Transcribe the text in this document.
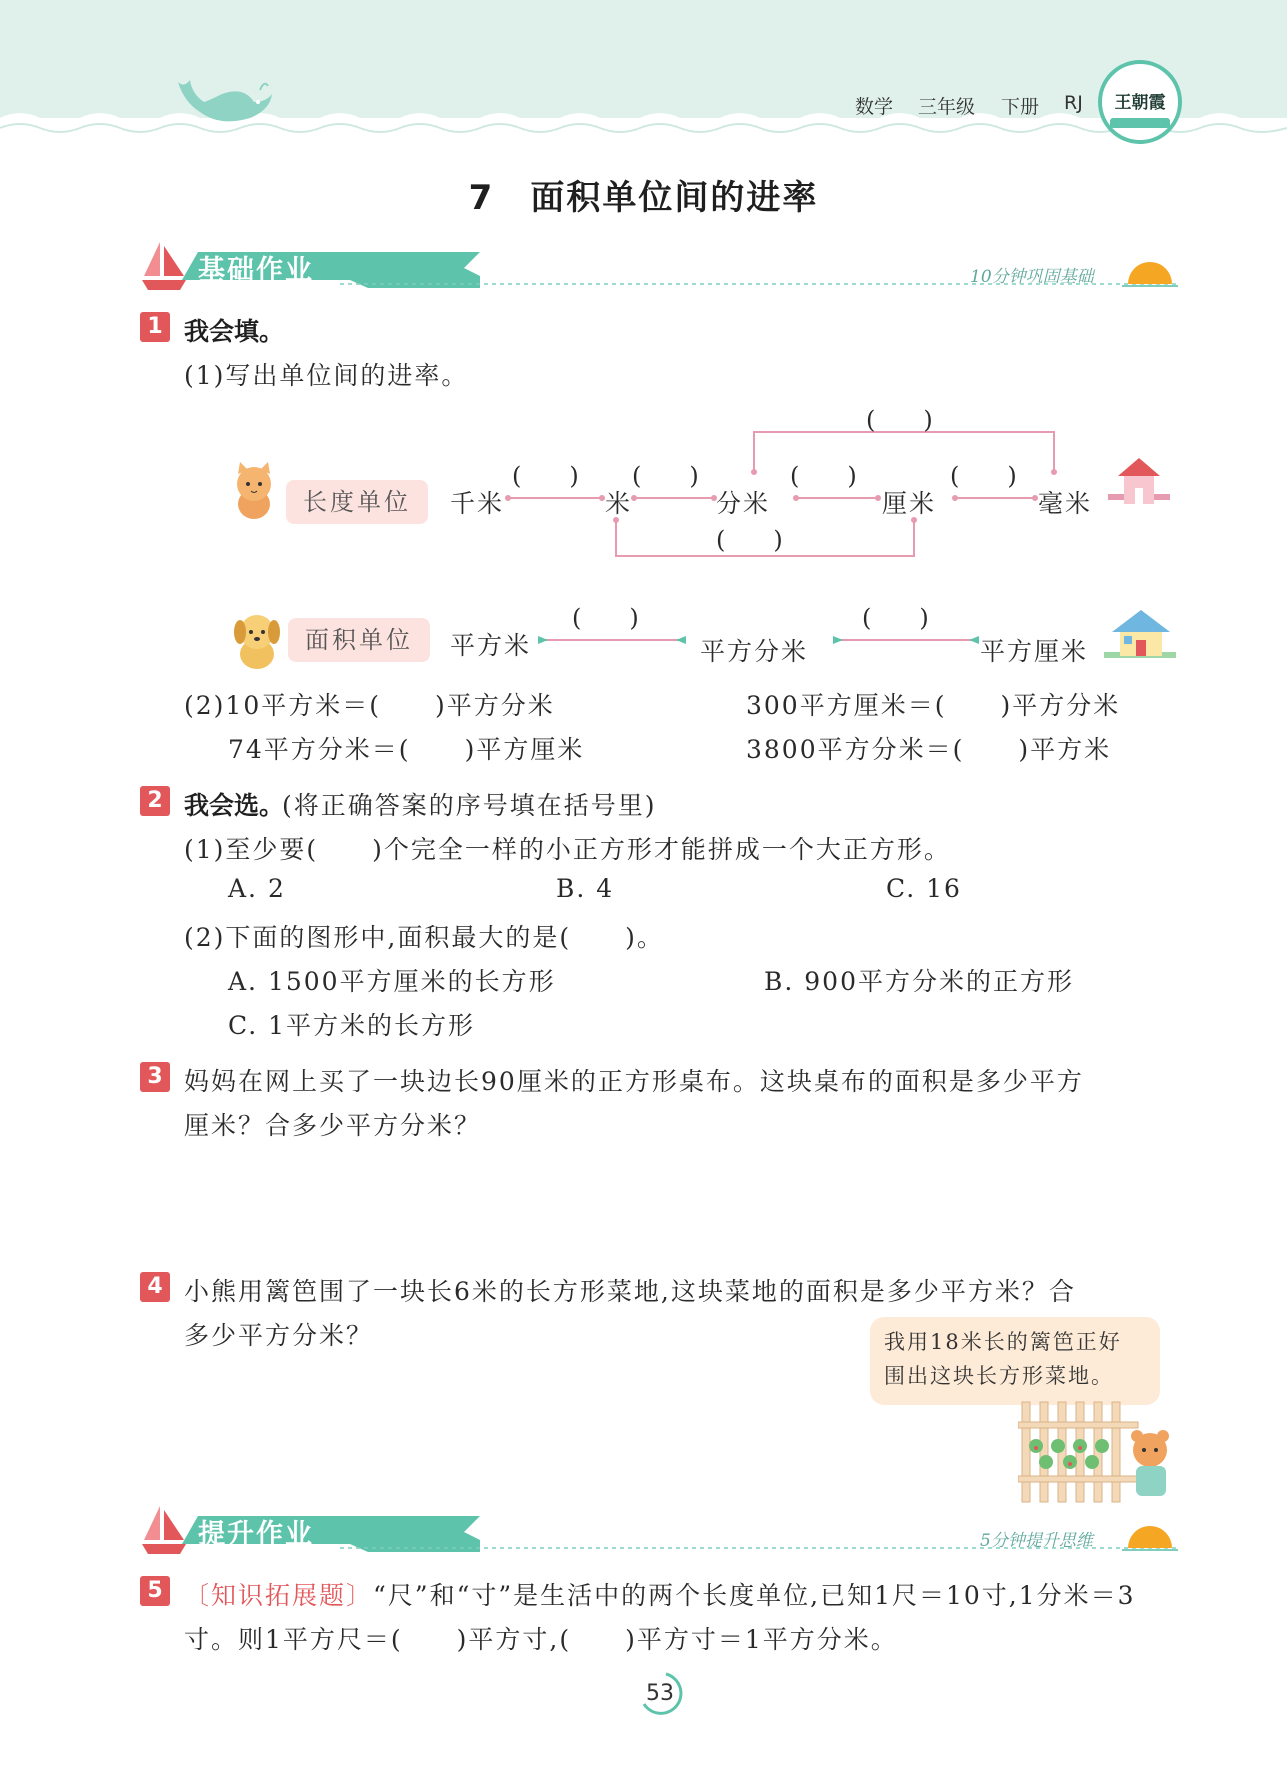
数学 三年级 下册 RJ	王朝霞
7　面积单位间的进率
基础作业	10分钟巩固基础
1 我会填。
(1)写出单位间的进率。
长度单位	千米	米	分米	厘米	毫米
(　　) (　　)	(　　)	(　　)
(　　)
(　　)
面积单位	平方米	平方分米	平方厘米
(　　)	(　　)
(2)10平方米＝(　　)平方分米	300平方厘米＝(　　)平方分米
74平方分米＝(　　)平方厘米	3800平方分米＝(　　)平方米
2 我会选。
(将正确答案的序号填在括号里)
(1)至少要(　　)个完全一样的小正方形才能拼成一个大正方形。
A. 2	B. 4	C. 16
(2)下面的图形中,面积最大的是(　　)。
A. 1500平方厘米的长方形	B. 900平方分米的正方形
C. 1平方米的长方形
3 妈妈在网上买了一块边长90厘米的正方形桌布。这块桌布的面积是多少平方
厘米？合多少平方分米？
4 小熊用篱笆围了一块长6米的长方形菜地,这块菜地的面积是多少平方米？合
多少平方分米？	我用18米长的篱笆正好
围出这块长方形菜地。
提升作业	5分钟提升思维
5 〔知识拓展题〕“尺”和“寸”是生活中的两个长度单位,已知1尺＝10寸,1分米＝3
寸。则1平方尺＝(　　)平方寸,(　　)平方寸＝1平方分米。
53
